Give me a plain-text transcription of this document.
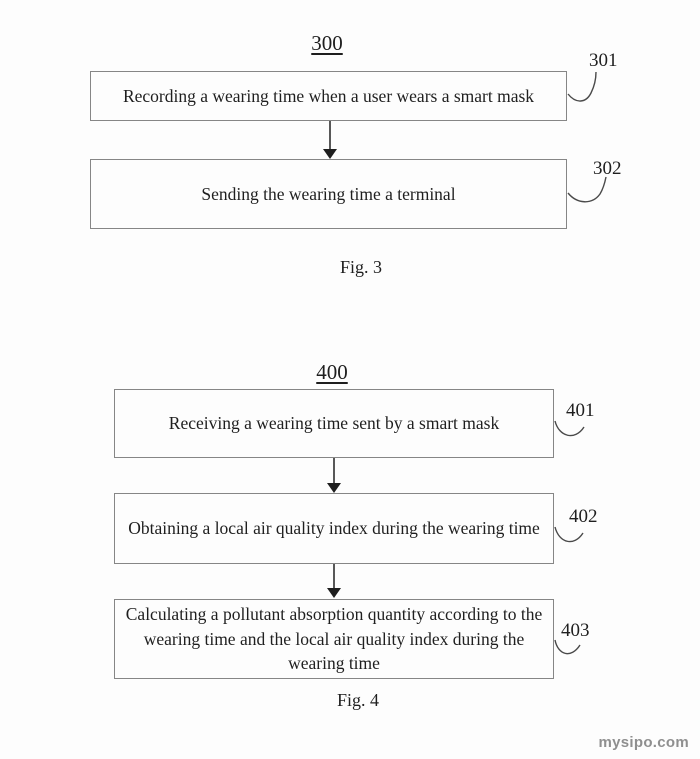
300
Recording a wearing time when a user wears a smart mask
301
Sending the wearing time a terminal
302
Fig. 3
400
Receiving a wearing time sent by a smart mask
401
Obtaining a local air quality index during the wearing time
402
Calculating a pollutant absorption quantity according to the wearing time and the local air quality index during the wearing time
403
Fig. 4
mysipo.com
